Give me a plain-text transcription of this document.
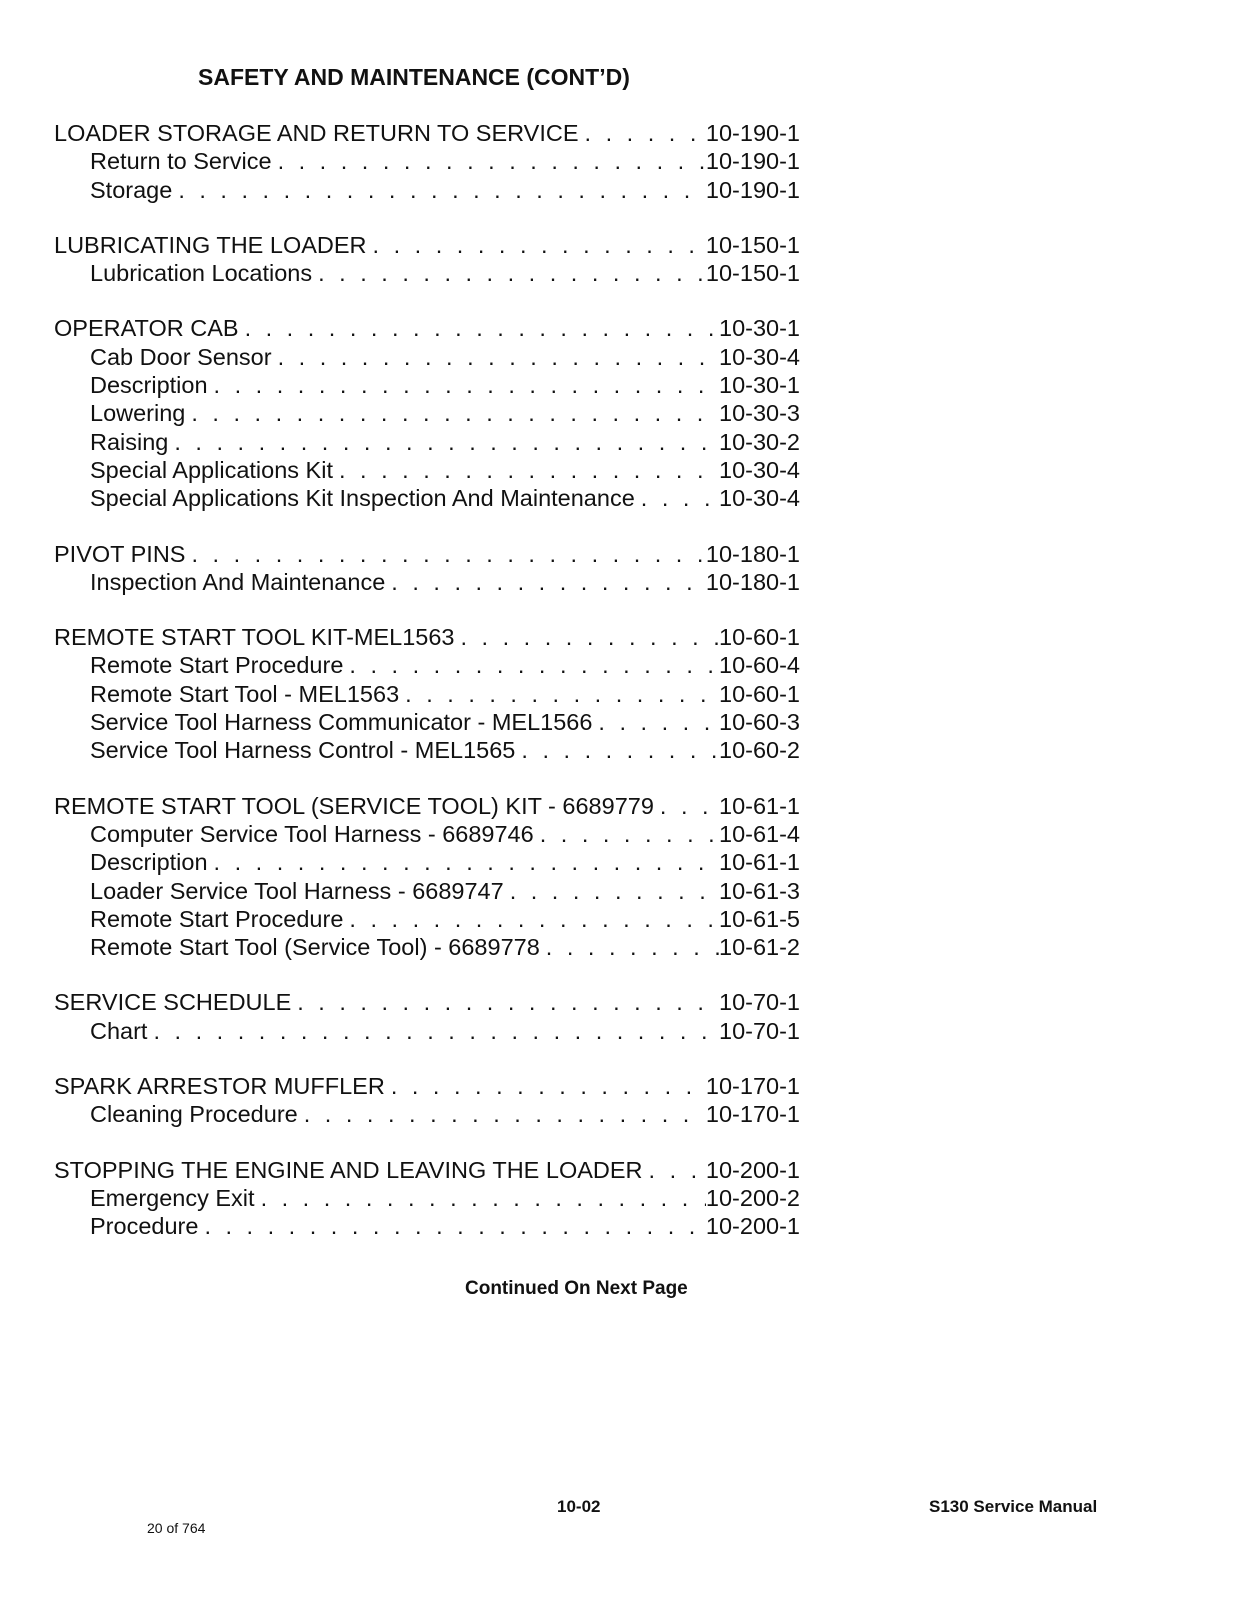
SAFETY AND MAINTENANCE (CONT’D)
LOADER STORAGE AND RETURN TO SERVICE . . .	10-190-1
Return to Service . . .	10-190-1
Storage . . .	10-190-1
LUBRICATING THE LOADER . . .	10-150-1
Lubrication Locations . . .	10-150-1
OPERATOR CAB . . .	10-30-1
Cab Door Sensor . . .	10-30-4
Description . . .	10-30-1
Lowering . . .	10-30-3
Raising . . .	10-30-2
Special Applications Kit . . .	10-30-4
Special Applications Kit Inspection And Maintenance . . .	10-30-4
PIVOT PINS . . .	10-180-1
Inspection And Maintenance . . .	10-180-1
REMOTE START TOOL KIT-MEL1563 . . .	10-60-1
Remote Start Procedure . . .	10-60-4
Remote Start Tool - MEL1563 . . .	10-60-1
Service Tool Harness Communicator - MEL1566 . . .	10-60-3
Service Tool Harness Control - MEL1565 . . .	10-60-2
REMOTE START TOOL (SERVICE TOOL) KIT - 6689779 . . .	10-61-1
Computer Service Tool Harness - 6689746 . . .	10-61-4
Description . . .	10-61-1
Loader Service Tool Harness - 6689747 . . .	10-61-3
Remote Start Procedure . . .	10-61-5
Remote Start Tool (Service Tool) - 6689778 . . .	10-61-2
SERVICE SCHEDULE . . .	10-70-1
Chart . . .	10-70-1
SPARK ARRESTOR MUFFLER . . .	10-170-1
Cleaning Procedure . . .	10-170-1
STOPPING THE ENGINE AND LEAVING THE LOADER . . .	10-200-1
Emergency Exit . . .	10-200-2
Procedure . . .	10-200-1
Continued On Next Page
10-02	S130 Service Manual
20 of 764
